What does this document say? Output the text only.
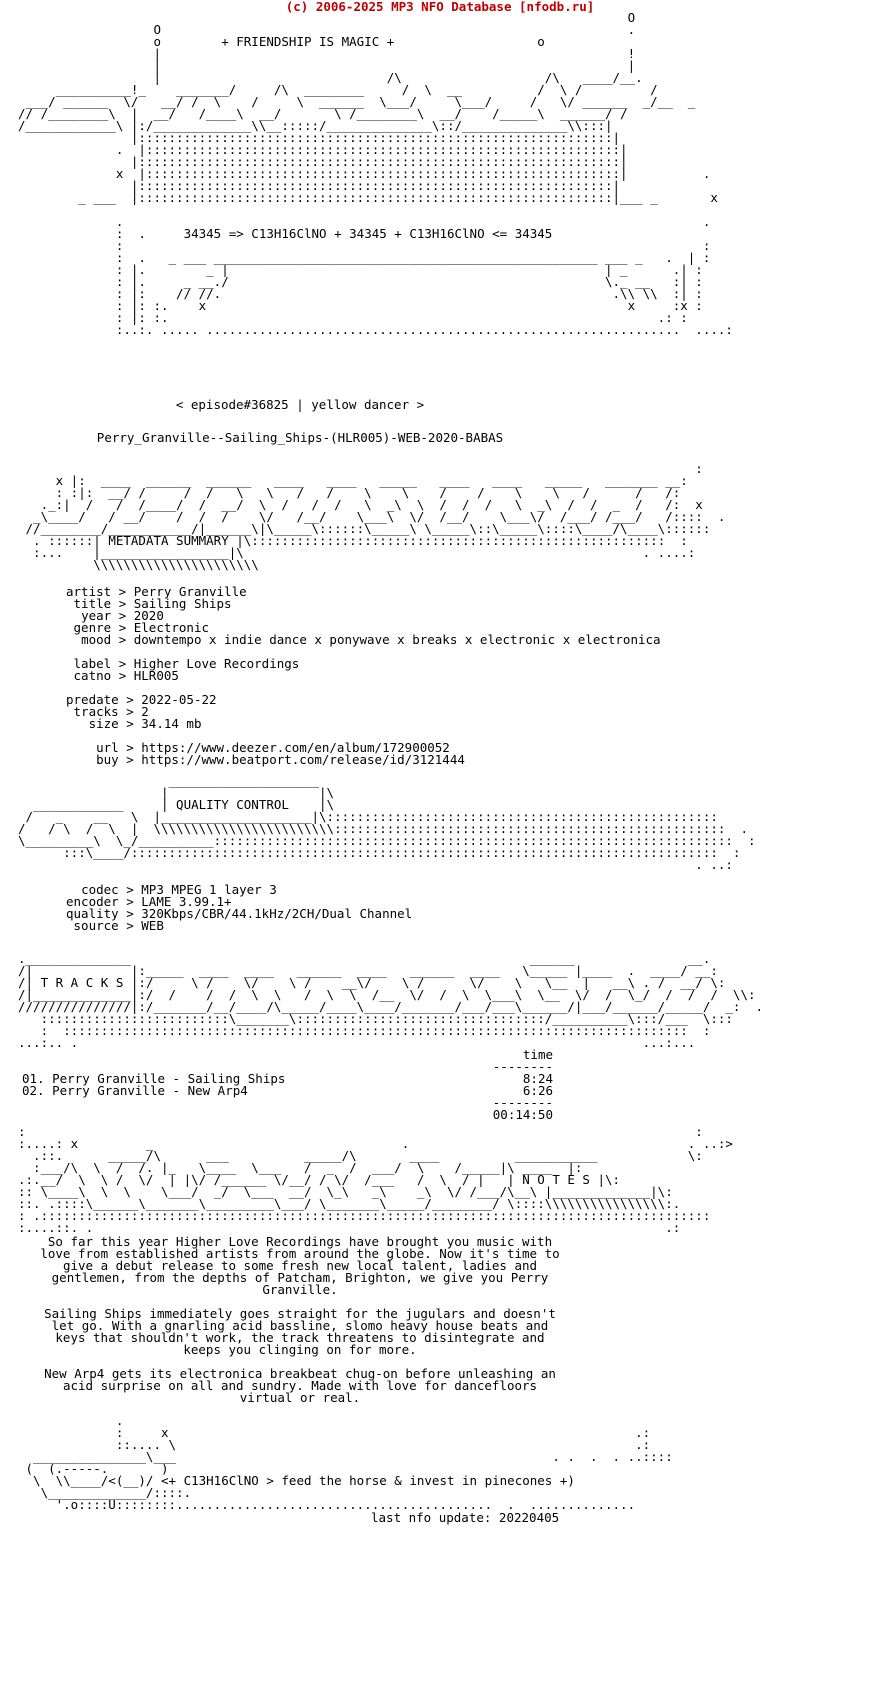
(c) 2006-2025 MP3 NFO Database [nfodb.ru]

O
O                                                              .
o	+ FRIENDSHIP IS MAGIC +	o
|                                                              !
|                                                              |
|                              /\                   /\   ____/__.
__________!_    _______/     /\  ________     /  \  __          /  \ /         /
___/ ______  \/   __/ /  \    /     \  ______  \___/     \___/     /   \/ ______  _/__  _
// /________\  |  __/   /____\  __/       \ /________\  __/    /_____\  ______/ /
/____________\ |:/_____________\\__:::::/______________\::/______________\\:::|
|:::::::::::::::::::::::::::::::::::::::::::::::::::::::::::::::|
.  |:::::::::::::::::::::::::::::::::::::::::::::::::::::::::::::::|
|::::::::::::::::::::::::::::::::::::::::::::::::::::::::::::::::|
x  |:::::::::::::::::::::::::::::::::::::::::::::::::::::::::::::::|          .
|:::::::::::::::::::::::::::::::::::::::::::::::::::::::::::::::|
_ ___  |:::::::::::::::::::::::::::::::::::::::::::::::::::::::::::::::|___ _       x

.                                                                             .
:  .	34345 => C13H16ClNO + 34345 + C13H16ClNO <= 34345
:                                                                             :
:  .   _ ___ ___________________________________________________ ___ _   .  | :
: |.        _ |                                                  | _      .| :
: |.     _ __./                                                  \._ __   :| :
: |:    // //.                                                    .\\ \\  :| :
: |: :.    x                                                        x     :x :
: |: :.                                                                 .: :
:..:. ..... ...............................................................  ....:
< episode#36825 | yellow dancer >
Perry_Granville--Sailing_Ships-(HLR005)-WEB-2020-BABAS
:
x |:  ____  ______  ______   ____   ____   _____   ____   ____   _____   _______ __:
: :|:  __/ /     /  /   \   \   /   /    \    \    /    /    \    \   /      /   /:
._:|  /   /  /____/  /  __/  \  /   /  /   \  _\  \  /  /  /   \  _\  /  /  _  /   /:  x
_\____/   / __/    /  /  /    \/   /__/    \___\  \/  /__/    \___\/  /___/ /___/   /::::  .
//________/___________/|______\|\_____\::::::\_____\ \_____\::\_____\::::\____/\____\::::::
. ::::::| METADATA SUMMARY |\:::::::::::::::::::::::::::::::::::::::::::::::::::::::  :
:...    |_________________|\                                                     . ....:
\\\\\\\\\\\\\\\\\\\\\\
artist > Perry Granville
title > Sailing Ships
year > 2020
genre > Electronic
mood > downtempo x indie dance x ponywave x breaks x electronic x electronica

label > Higher Love Recordings
catno > HLR005

predate > 2022-05-22
tracks > 2
size > 34.14 mb

url > https://www.deezer.com/en/album/172900052
buy > https://www.beatport.com/release/id/3121444
____________________
|                    |\
____________     | QUALITY CONTROL    |\
/   _    __   \  |____________________|\::::::::::::::::::::::::::::::::::::::::::::::::::::
/   / \  /  \  |  \\\\\\\\\\\\\\\\\\\\\\\\::::::::::::::::::::::::::::::::::::::::::::::::::::  .
\_________\  \_/__________:::::::::::::::::::::::::::::::::::::::::::::::::::::::::::::::::::::  :
:::\____/::::::::::::::::::::::::::::::::::::::::::::::::::::::::::::::::::::::::::::::  :
. ..:
codec > MP3 MPEG 1 layer 3
encoder > LAME 3.99.1+
quality > 320Kbps/CBR/44.1kHz/2CH/Dual Channel
source > WEB
.______________                                                     ______               __.
/|             |:_____  ____  ____   ______  ____   ______  ____   \_____ |____  .  ____/ __:
/| T R A C K S |:/     \ /    \/    \ /    __\/    \ /      \/    \   \__  |   __\ . /  __/ \:
/|_____________|:/  /    /  /  \  \   /  \  \  /__  \/  /  \  \___\  \__  \/  /  \_/  /  /  /  \\:
///////////////|:/_______/__/____/\_____/____\____/_______/___/___\______/|___/______/_____/  _:  .
:::::::::::::::::::::::::\_______\:::::::::::::::::::::::::::::::::/__________\:::/___  \:::
:  :::::::::::::::::::::::::::::::::::::::::::::::::::::::::::::::::::::::::::::::::::  :
...:.. .                                                                           ...:...
time
--------
01. Perry Granville - Sailing Ships	8:24

02. Perry Granville - New Arp4	6:26

--------
00:14:50
:                                                                                         :
:....: x         _                                 .                                     . ..:>
.::.      _____/\      ___          _____/\       ____          ___________            \:
:___/\  \  /  /. |_   \____  \___   /  _  /  ___/  \    /_____|\ ____  |:
.:.__/  \  \ /  \/  | |\/ /______ \/__/ / \/  /___   /  \  / |   | N O T E S |\:
:: \____\  \  \    \___/  _/  \___  __/  \_\   _\    _\  \/ /___/\__\ |_____________|\:
::. .::::\______\_______\_________\___/ \_______\_____/________/ \::::\\\\\\\\\\\\\\\\:.
: .:::::::::::::::::::::::::::::::::::::::::::::::::::::::::::::::::::::::::::::::::::::::::
:....::. .                                                                            .:
So far this year Higher Love Recordings have brought you music with
love from established artists from around the globe. Now it's time to
give a debut release to some fresh new local talent, ladies and
gentlemen, from the depths of Patcham, Brighton, we give you Perry
Granville.

Sailing Ships immediately goes straight for the jugulars and doesn't
let go. With a gnarling acid bassline, slomo heavy house beats and
keys that shouldn't work, the track threatens to disintegrate and
keeps you clinging on for more.

New Arp4 gets its electronica breakbeat chug-on before unleashing an
acid surprise on all and sundry. Made with love for dancefloors
virtual or real.
.
:     x                                                              .:
::.... \                                                             .:
_______________\___                                                  . .  .  . ..::::
(  (.-----.       )
\  \\____/<(__)/ <+ C13H16ClNO > feed the horse & invest in pinecones +)
\_____________/::::.
'.o::::U::::::::..........................................  .  ..............
last nfo update: 20220405
